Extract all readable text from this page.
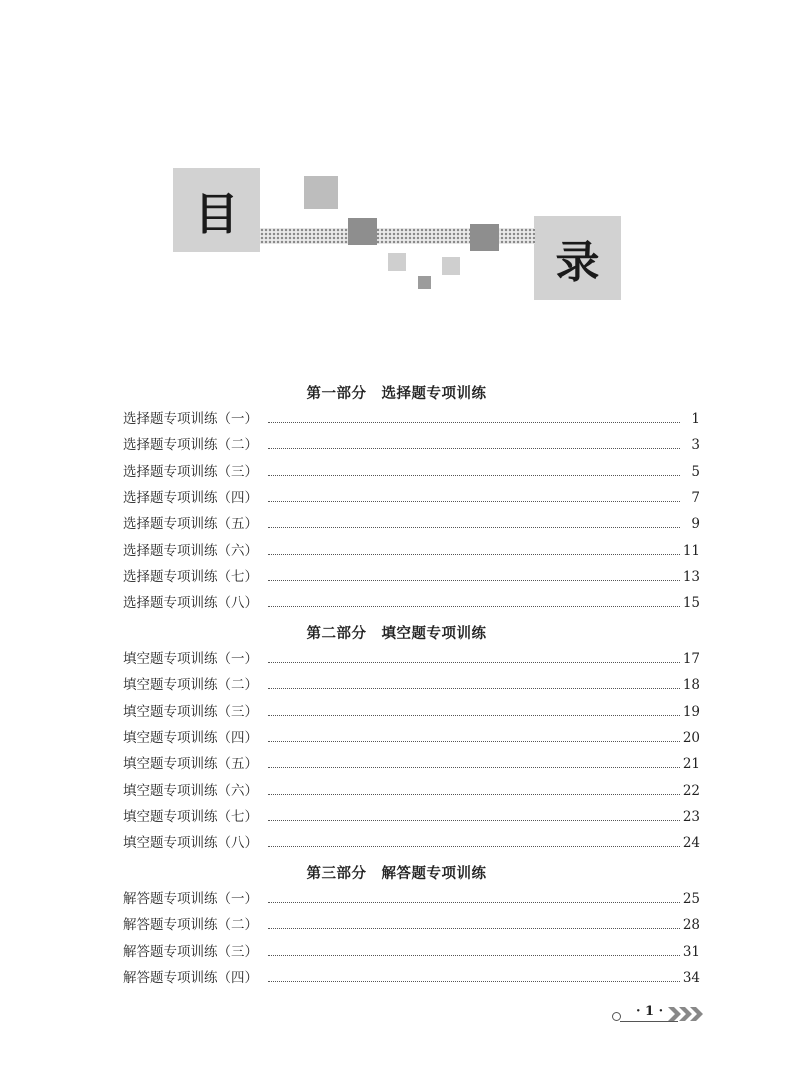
目
录
第一部分　选择题专项训练
选择题专项训练（一）	1
选择题专项训练（二）	3
选择题专项训练（三）	5
选择题专项训练（四）	7
选择题专项训练（五）	9
选择题专项训练（六）	11
选择题专项训练（七）	13
选择题专项训练（八）	15
第二部分　填空题专项训练
填空题专项训练（一）	17
填空题专项训练（二）	18
填空题专项训练（三）	19
填空题专项训练（四）	20
填空题专项训练（五）	21
填空题专项训练（六）	22
填空题专项训练（七）	23
填空题专项训练（八）	24
第三部分　解答题专项训练
解答题专项训练（一）	25
解答题专项训练（二）	28
解答题专项训练（三）	31
解答题专项训练（四）	34
· 1 ·
